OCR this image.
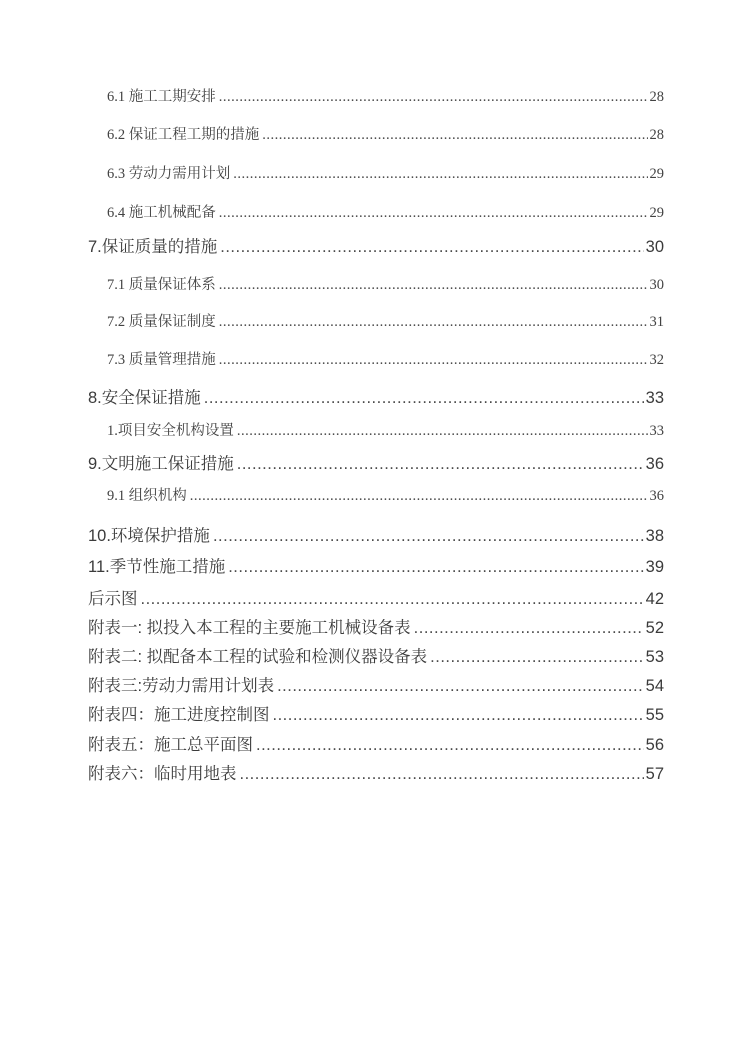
6.1 施工工期安排 .....	28
6.2 保证工程工期的措施 .....	28
6.3 劳动力需用计划 .....	29
6.4 施工机械配备 .....	29
7.保证质量的措施 .....	30
7.1 质量保证体系 .....	30
7.2 质量保证制度 .....	31
7.3 质量管理措施 .....	32
8.安全保证措施 .....	33
1.项目安全机构设置 .....	33
9.文明施工保证措施 .....	36
9.1 组织机构 .....	36
10.环境保护措施 .....	38
11.季节性施工措施 .....	39
后示图 .....	42
附表一: 拟投入本工程的主要施工机械设备表 .....	52
附表二: 拟配备本工程的试验和检测仪器设备表 .....	53
附表三:劳动力需用计划表 .....	54
附表四：施工进度控制图 .....	55
附表五：施工总平面图 .....	56
附表六：临时用地表 .....	57
